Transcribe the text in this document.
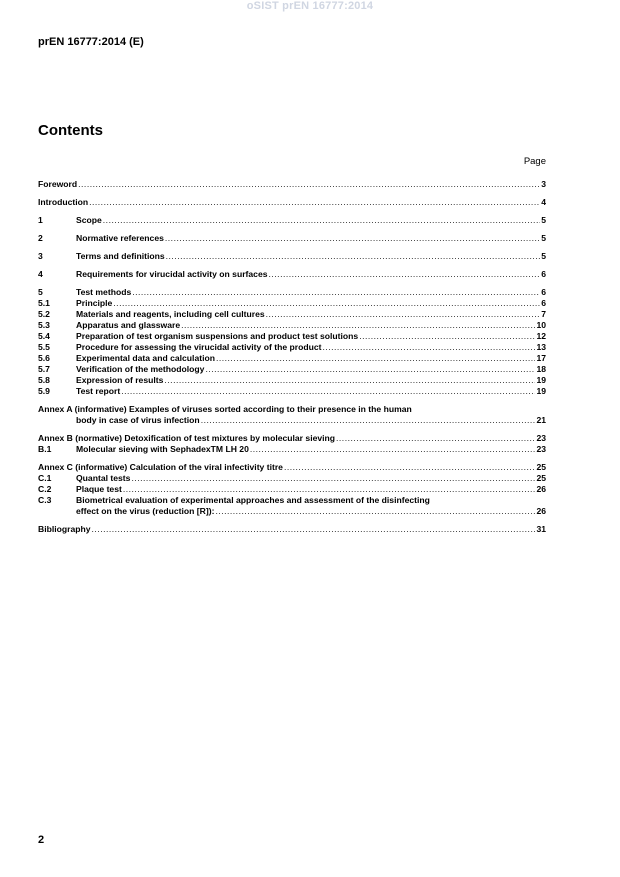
oSIST prEN 16777:2014
prEN 16777:2014 (E)
Contents
Page
Foreword .....	3
Introduction .....	4
1	Scope .....	5
2	Normative references .....	5
3	Terms and definitions .....	5
4	Requirements for virucidal activity on surfaces .....	6
5	Test methods .....	6
5.1	Principle .....	6
5.2	Materials and reagents, including cell cultures .....	7
5.3	Apparatus and glassware .....	10
5.4	Preparation of test organism suspensions and product test solutions .....	12
5.5	Procedure for assessing the virucidal activity of the product .....	13
5.6	Experimental data and calculation .....	17
5.7	Verification of the methodology .....	18
5.8	Expression of results .....	19
5.9	Test report .....	19
Annex A (informative) Examples of viruses sorted according to their presence in the human
body in case of virus infection .....	21
Annex B (normative) Detoxification of test mixtures by molecular sieving .....	23
B.1	Molecular sieving with SephadexTM LH 20 .....	23
Annex C (informative) Calculation of the viral infectivity titre .....	25
C.1	Quantal tests .....	25
C.2	Plaque test .....	26
C.3	Biometrical evaluation of experimental approaches and assessment of the disinfecting
effect on the virus (reduction [R]): .....	26
Bibliography .....	31
2
